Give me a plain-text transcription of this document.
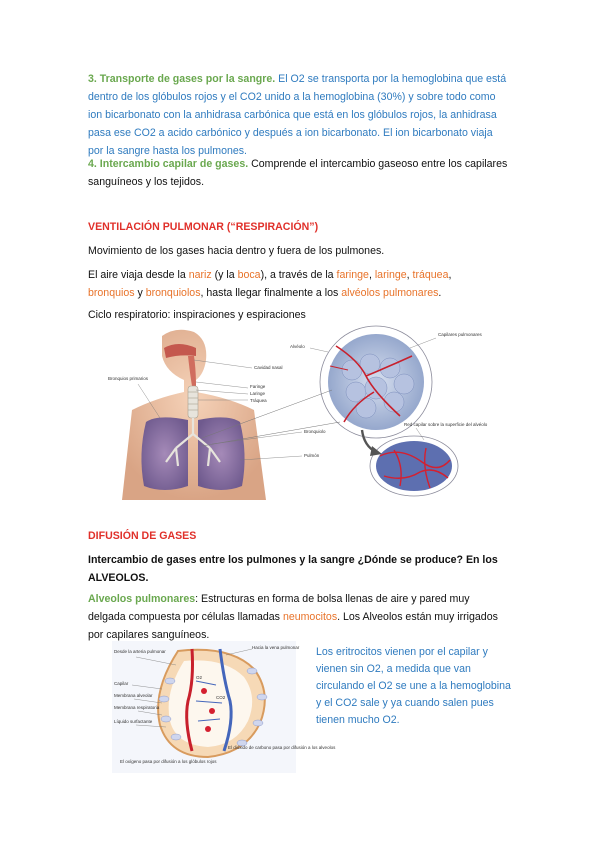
3. Transporte de gases por la sangre. El O2 se transporta por la hemoglobina que está dentro de los glóbulos rojos y el CO2 unido a la hemoglobina (30%) y sobre todo como ion bicarbonato con la anhidrasa carbónica que está en los glóbulos rojos, la anhidrasa pasa ese CO2 a acido carbónico y después a ion bicarbonato. El ion bicarbonato viaja por la sangre hasta los pulmones.

4. Intercambio capilar de gases. Comprende el intercambio gaseoso entre los capilares sanguíneos y los tejidos.

VENTILACIÓN PULMONAR (“RESPIRACIÓN”)

Movimiento de los gases hacia dentro y fuera de los pulmones.

El aire viaja desde la nariz (y la boca), a través de la faringe, laringe, tráquea,
bronquios y bronquiolos, hasta llegar finalmente a los alvéolos pulmonares.

Ciclo respiratorio: inspiraciones y espiraciones

Alvéolo
Capilares pulmonares
Cavidad nasal
Bronquios primarios
Faringe
Laringe
Tráquea
Bronquiolo
Pulmón
Red capilar sobre la superficie del alvéolo
DIFUSIÓN DE GASES

Intercambio de gases entre los pulmones y la sangre ¿Dónde se produce? En los ALVEOLOS.

Alveolos pulmonares: Estructuras en forma de bolsa llenas de aire y pared muy delgada compuesta por células llamadas neumocitos. Los Alveolos están muy irrigados por capilares sanguíneos.

Desde la arteria pulmonar
Hacia la vena pulmonar
Capilar
Membrana alveolar
Membrana respiratoria
Líquido surfactante
O2
CO2
El oxígeno pasa por difusión a los glóbulos rojos
El dióxido de carbono pasa por difusión a los alveolos

Los eritrocitos vienen por el capilar y vienen sin O2, a medida que van circulando el O2 se une a la hemoglobina y el CO2 sale y ya cuando salen pues tienen mucho O2.
